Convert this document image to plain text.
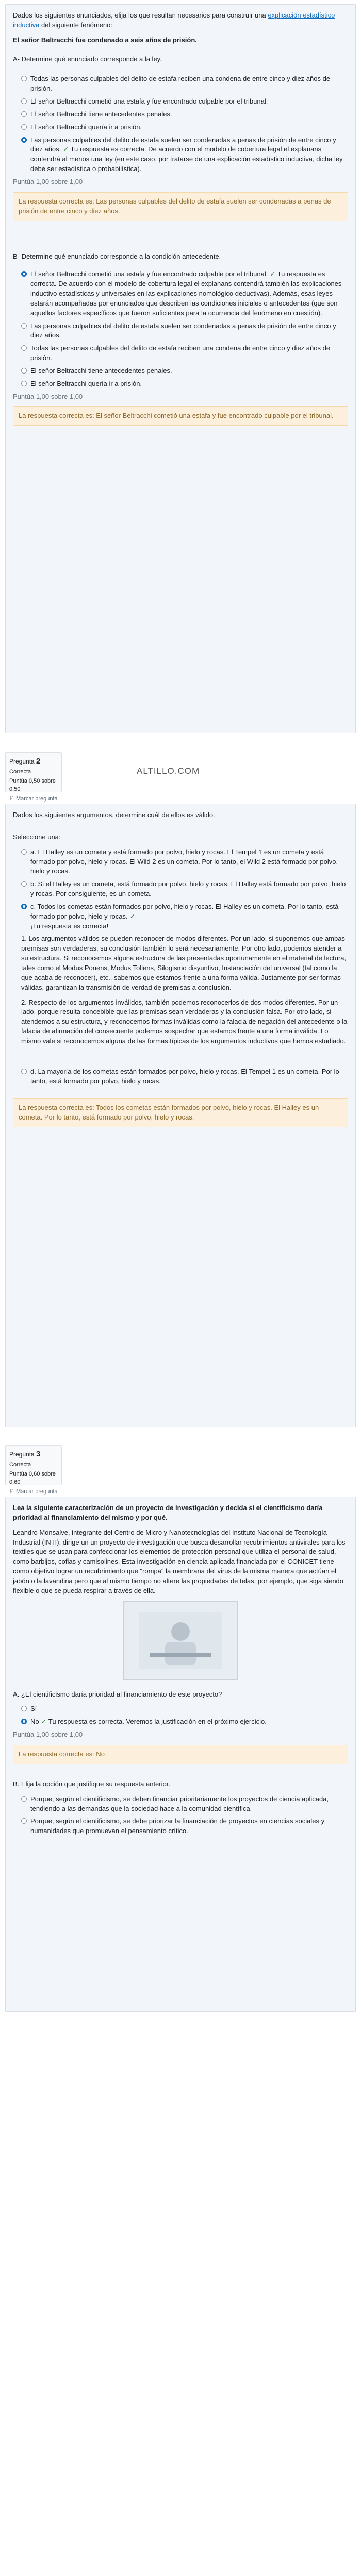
Dados los siguientes enunciados, elija los que resultan necesarios para construir una explicación estadístico inductiva del siguiente fenómeno:

El señor Beltracchi fue condenado a seis años de prisión.

A- Determine qué enunciado corresponde a la ley.

Todas las personas culpables del delito de estafa reciben una condena de entre cinco y diez años de prisión.
El señor Beltracchi cometió una estafa y fue encontrado culpable por el tribunal.
El señor Beltracchi tiene antecedentes penales.
El señor Beltracchi quería ir a prisión.
Las personas culpables del delito de estafa suelen ser condenadas a penas de prisión de entre cinco y diez años. ✓ Tu respuesta es correcta. De acuerdo con el modelo de cobertura legal el explanans contendrá al menos una ley (en este caso, por tratarse de una explicación estadístico inductiva, dicha ley debe ser estadística o probabilística).

Puntúa 1,00 sobre 1,00

La respuesta correcta es: Las personas culpables del delito de estafa suelen ser condenadas a penas de prisión de entre cinco y diez años.

B- Determine qué enunciado corresponde a la condición antecedente.

El señor Beltracchi cometió una estafa y fue encontrado culpable por el tribunal. ✓ Tu respuesta es correcta. De acuerdo con el modelo de cobertura legal el explanans contendrá también las explicaciones inductivo estadísticas y universales en las explicaciones nomológico deductivas). Además, esas leyes estarán acompañadas por enunciados que describen las condiciones iniciales o antecedentes (que son aquellos factores específicos que fueron suficientes para la ocurrencia del fenómeno en cuestión).
Las personas culpables del delito de estafa suelen ser condenadas a penas de prisión de entre cinco y diez años.
Todas las personas culpables del delito de estafa reciben una condena de entre cinco y diez años de prisión.
El señor Beltracchi tiene antecedentes penales.
El señor Beltracchi quería ir a prisión.

Puntúa 1,00 sobre 1,00

La respuesta correcta es: El señor Beltracchi cometió una estafa y fue encontrado culpable por el tribunal.
Pregunta 2
Correcta
Puntúa 0,50 sobre 0,50
⚐ Marcar pregunta
ALTILLO.COM

Dados los siguientes argumentos, determine cuál de ellos es válido.

Seleccione una:

a. El Halley es un cometa y está formado por polvo, hielo y rocas. El Tempel 1 es un cometa y está formado por polvo, hielo y rocas. El Wild 2 es un cometa. Por lo tanto, el Wild 2 está formado por polvo, hielo y rocas.
b. Si el Halley es un cometa, está formado por polvo, hielo y rocas. El Halley está formado por polvo, hielo y rocas. Por consiguiente, es un cometa.
c. Todos los cometas están formados por polvo, hielo y rocas. El Halley es un cometa. Por lo tanto, está formado por polvo, hielo y rocas. ✓
¡Tu respuesta es correcta!

1. Los argumentos válidos se pueden reconocer de modos diferentes. Por un lado, si suponemos que ambas premisas son verdaderas, su conclusión también lo será necesariamente. Por otro lado, podemos atender a su estructura. Si reconocemos alguna estructura de las presentadas oportunamente en el material de lectura, tales como el Modus Ponens, Modus Tollens, Silogismo disyuntivo, Instanciación del universal (tal como la que acaba de reconocer), etc., sabemos que estamos frente a una forma válida. Justamente por ser formas válidas, garantizan la transmisión de verdad de premisas a conclusión.

2. Respecto de los argumentos inválidos, también podemos reconocerlos de dos modos diferentes. Por un lado, porque resulta concebible que las premisas sean verdaderas y la conclusión falsa. Por otro lado, si atendemos a su estructura, y reconocemos formas inválidas como la falacia de negación del antecedente o la falacia de afirmación del consecuente podemos sospechar que estamos frente a una forma inválida. Lo mismo vale si reconocemos alguna de las formas típicas de los argumentos inductivos que hemos estudiado.

d. La mayoría de los cometas están formados por polvo, hielo y rocas. El Tempel 1 es un cometa. Por lo tanto, está formado por polvo, hielo y rocas.
La respuesta correcta es: Todos los cometas están formados por polvo, hielo y rocas. El Halley es un cometa. Por lo tanto, está formado por polvo, hielo y rocas.
Pregunta 3
Correcta
Puntúa 0,60 sobre 0,60
⚐ Marcar pregunta

Lea la siguiente caracterización de un proyecto de investigación y decida si el cientificismo daría prioridad al financiamiento del mismo y por qué.

Leandro Monsalve, integrante del Centro de Micro y Nanotecnologías del Instituto Nacional de Tecnología Industrial (INTI), dirige un un proyecto de investigación que busca desarrollar recubrimientos antivirales para los textiles que se usan para confeccionar los elementos de protección personal que utiliza el personal de salud, como barbijos, cofias y camisolines. Esta investigación en ciencia aplicada financiada por el CONICET tiene como objetivo lograr un recubrimiento que "rompa" la membrana del virus de la misma manera que actúan el jabón o la lavandina pero que al mismo tiempo no altere las propiedades de telas, por ejemplo, que siga siendo flexible o que se pueda respirar a través de ella.

A. ¿El cientificismo daría prioridad al financiamiento de este proyecto?

Sí
No ✓ Tu respuesta es correcta. Veremos la justificación en el próximo ejercicio.

Puntúa 1,00 sobre 1,00

La respuesta correcta es: No

B. Elija la opción que justifique su respuesta anterior.

Porque, según el cientificismo, se deben financiar prioritariamente los proyectos de ciencia aplicada, tendiendo a las demandas que la sociedad hace a la comunidad científica.
Porque, según el cientificismo, se debe priorizar la financiación de proyectos en ciencias sociales y humanidades que promuevan el pensamiento crítico.
